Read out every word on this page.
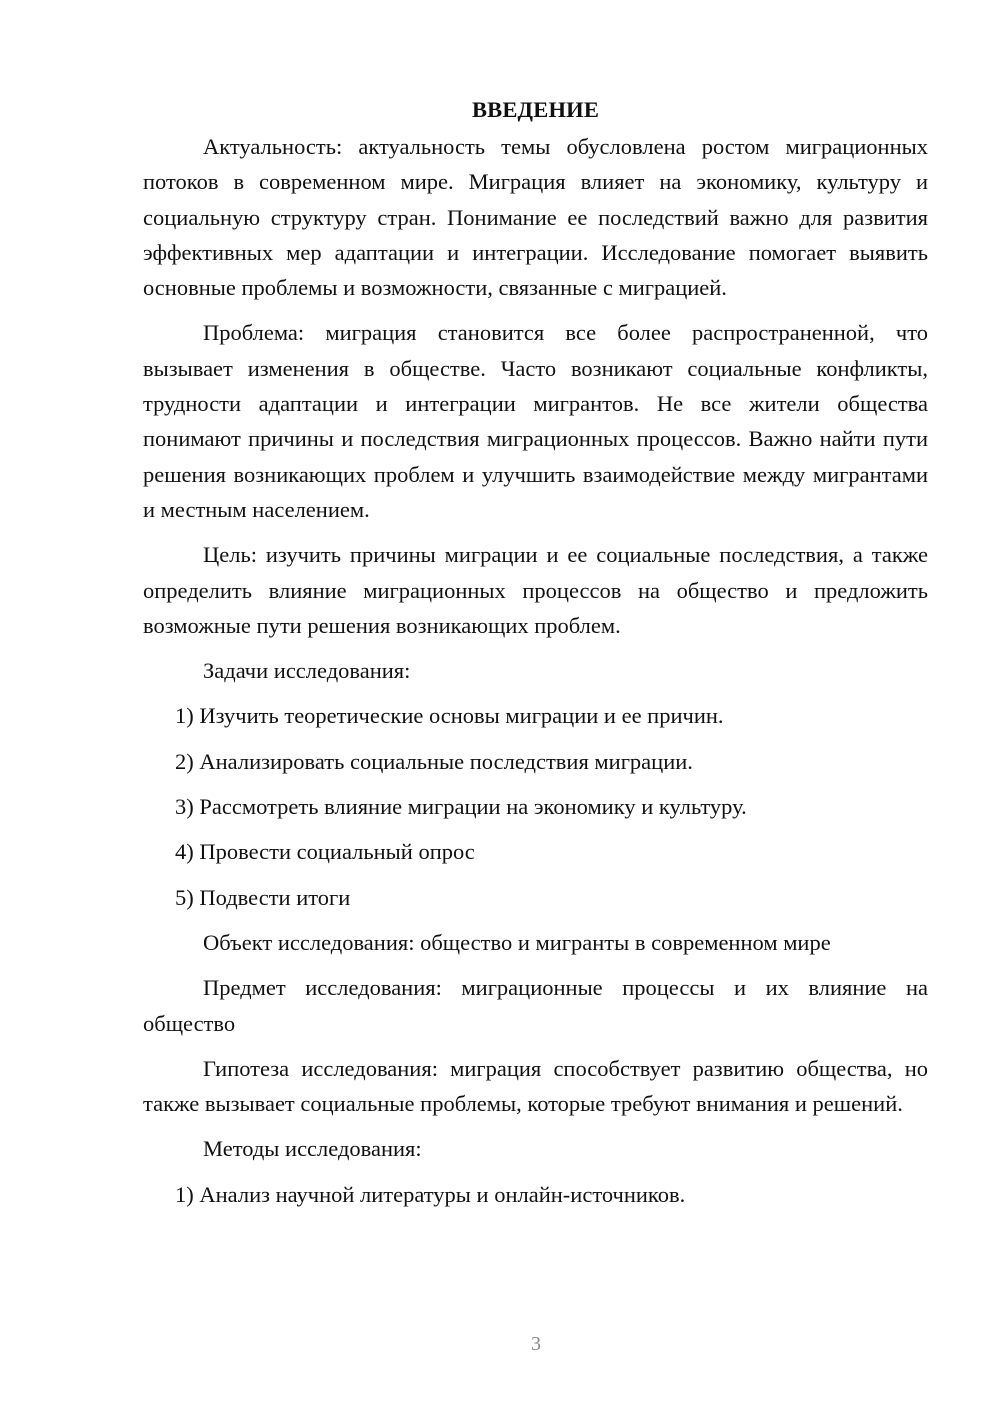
ВВЕДЕНИЕ

Актуальность: актуальность темы обусловлена ростом миграционных потоков в современном мире. Миграция влияет на экономику, культуру и социальную структуру стран. Понимание ее последствий важно для развития эффективных мер адаптации и интеграции. Исследование помогает выявить основные проблемы и возможности, связанные с миграцией.

Проблема: миграция становится все более распространенной, что вызывает изменения в обществе. Часто возникают социальные конфликты, трудности адаптации и интеграции мигрантов. Не все жители общества понимают причины и последствия миграционных процессов. Важно найти пути решения возникающих проблем и улучшить взаимодействие между мигрантами и местным населением.

Цель: изучить причины миграции и ее социальные последствия, а также определить влияние миграционных процессов на общество и предложить возможные пути решения возникающих проблем.

Задачи исследования:

1) Изучить теоретические основы миграции и ее причин.
2) Анализировать социальные последствия миграции.
3) Рассмотреть влияние миграции на экономику и культуру.
4) Провести социальный опрос
5) Подвести итоги

Объект исследования: общество и мигранты в современном мире

Предмет исследования: миграционные процессы и их влияние на общество

Гипотеза исследования: миграция способствует развитию общества, но также вызывает социальные проблемы, которые требуют внимания и решений.

Методы исследования:

1) Анализ научной литературы и онлайн-источников.
3
